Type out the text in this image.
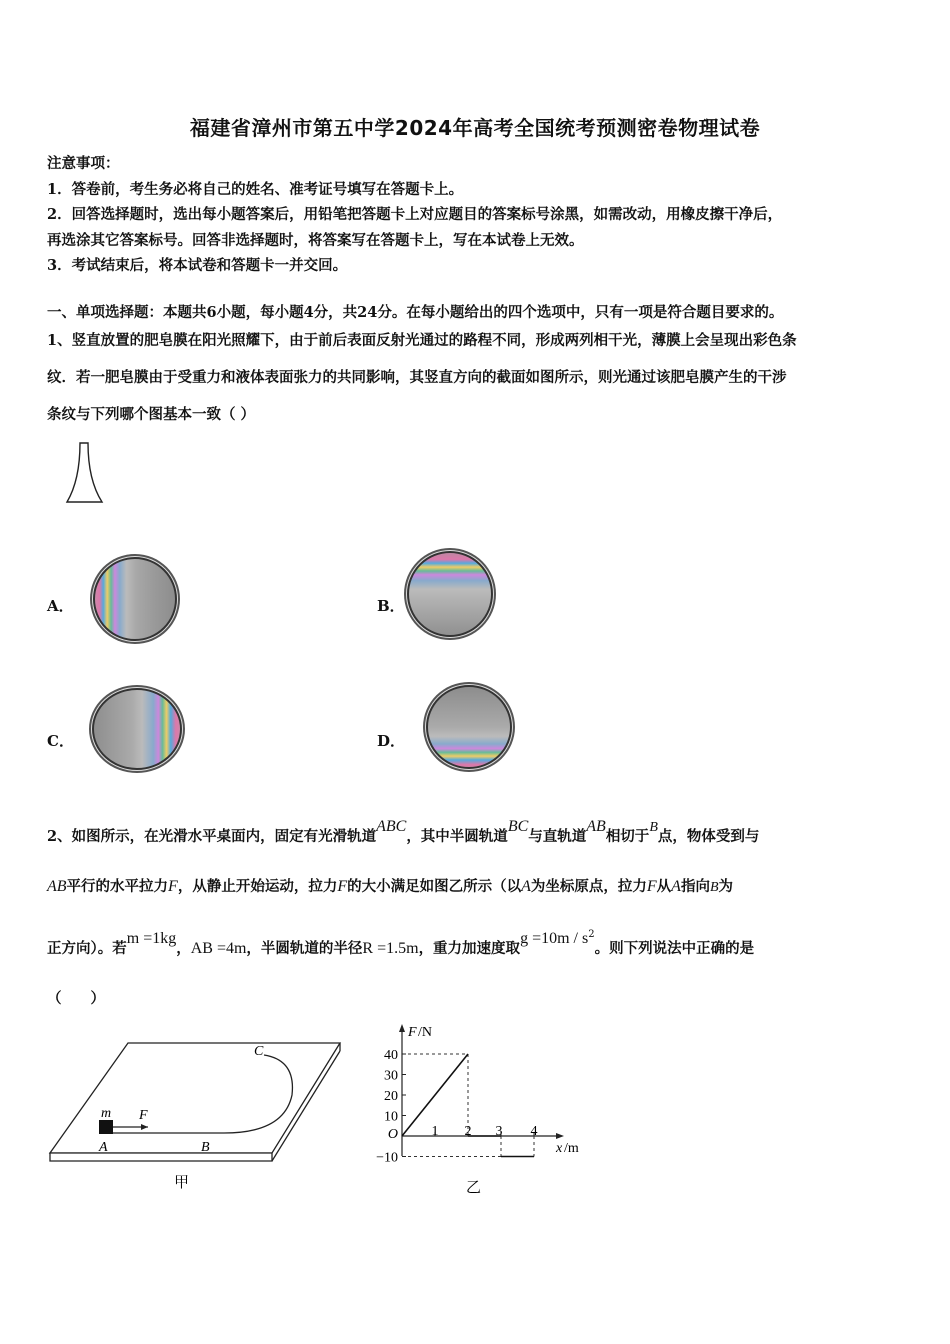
福建省漳州市第五中学2024年高考全国统考预测密卷物理试卷
注意事项：
1．答卷前，考生务必将自己的姓名、准考证号填写在答题卡上。
2．回答选择题时，选出每小题答案后，用铅笔把答题卡上对应题目的答案标号涂黑，如需改动，用橡皮擦干净后，
再选涂其它答案标号。回答非选择题时，将答案写在答题卡上，写在本试卷上无效。
3．考试结束后，将本试卷和答题卡一并交回。
一、单项选择题：本题共6小题，每小题4分，共24分。在每小题给出的四个选项中，只有一项是符合题目要求的。
1、竖直放置的肥皂膜在阳光照耀下，由于前后表面反射光通过的路程不同，形成两列相干光，薄膜上会呈现出彩色条
纹．若一肥皂膜由于受重力和液体表面张力的共同影响，其竖直方向的截面如图所示，则光通过该肥皂膜产生的干涉
条纹与下列哪个图基本一致（ ）
A．	B．
C．	D．
2、如图所示，在光滑水平桌面内，固定有光滑轨道ABC，其中半圆轨道BC与直轨道AB相切于B点，物体受到与
AB平行的水平拉力F，从静止开始运动，拉力F的大小满足如图乙所示（以A为坐标原点，拉力F从A指向B为
正方向）。若m =1kg，AB =4m，半圆轨道的半径R =1.5m，重力加速度取$g =10m / s^2$。则下列说法中正确的是
（　　）
C
m F
A	B
甲
F /N
40
30
20
10
O
−10
1 2 3 4
x /m
乙
